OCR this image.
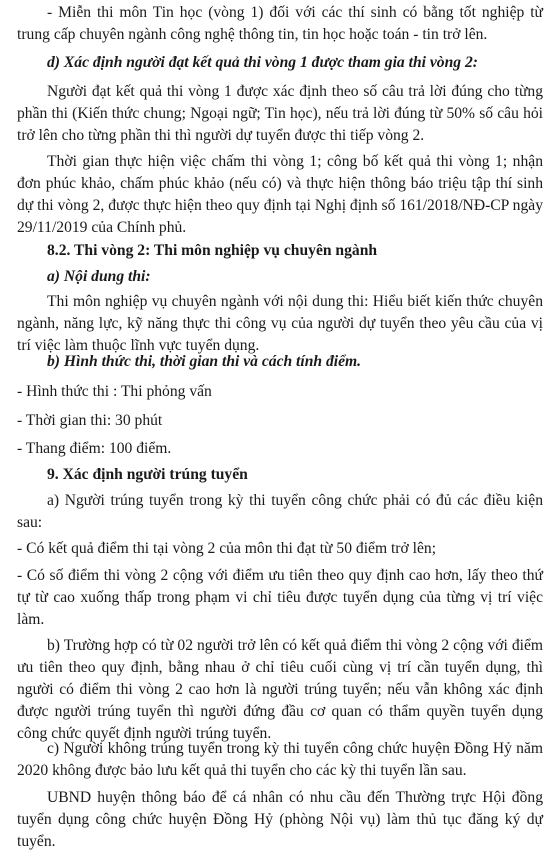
- Miễn thi môn Tin học (vòng 1) đối với các thí sinh có bằng tốt nghiệp từ trung cấp chuyên ngành công nghệ thông tin, tin học hoặc toán - tin trở lên.

d) Xác định người đạt kết quả thi vòng 1 được tham gia thi vòng 2:

Người đạt kết quả thi vòng 1 được xác định theo số câu trả lời đúng cho từng phần thi (Kiến thức chung; Ngoại ngữ; Tin học), nếu trả lời đúng từ 50% số câu hỏi trở lên cho từng phần thi thì người dự tuyển được thi tiếp vòng 2.

Thời gian thực hiện việc chấm thi vòng 1; công bố kết quả thi vòng 1; nhận đơn phúc khảo, chấm phúc khảo (nếu có) và thực hiện thông báo triệu tập thí sinh dự thi vòng 2, được thực hiện theo quy định tại Nghị định số 161/2018/NĐ-CP ngày 29/11/2019 của Chính phủ.

8.2. Thi vòng 2: Thi môn nghiệp vụ chuyên ngành

a) Nội dung thi:

Thi môn nghiệp vụ chuyên ngành với nội dung thi: Hiểu biết kiến thức chuyên ngành, năng lực, kỹ năng thực thi công vụ của người dự tuyển theo yêu cầu của vị trí việc làm thuộc lĩnh vực tuyển dụng.

b) Hình thức thi, thời gian thi và cách tính điểm.

- Hình thức thi : Thi phỏng vấn

- Thời gian thi: 30 phút

- Thang điểm: 100 điểm.

9. Xác định người trúng tuyển

a) Người trúng tuyển trong kỳ thi tuyển công chức phải có đủ các điều kiện sau:

- Có kết quả điểm thi tại vòng 2 của môn thi đạt từ 50 điểm trở lên;

- Có số điểm thi vòng 2 cộng với điểm ưu tiên theo quy định cao hơn, lấy theo thứ tự từ cao xuống thấp trong phạm vi chỉ tiêu được tuyển dụng của từng vị trí việc làm.

b) Trường hợp có từ 02 người trở lên có kết quả điểm thi vòng 2 cộng với điểm ưu tiên theo quy định, bằng nhau ở chỉ tiêu cuối cùng vị trí cần tuyển dụng, thì người có điểm thi vòng 2 cao hơn là người trúng tuyển; nếu vẫn không xác định được người trúng tuyển thì người đứng đầu cơ quan có thẩm quyền tuyển dụng công chức quyết định người trúng tuyển.

c) Người không trúng tuyển trong kỳ thi tuyển công chức huyện Đồng Hỷ năm 2020 không được bảo lưu kết quả thi tuyển cho các kỳ thi tuyển lần sau.

UBND huyện thông báo để cá nhân có nhu cầu đến Thường trực Hội đồng tuyển dụng công chức huyện Đồng Hỷ (phòng Nội vụ) làm thủ tục đăng ký dự tuyển.
